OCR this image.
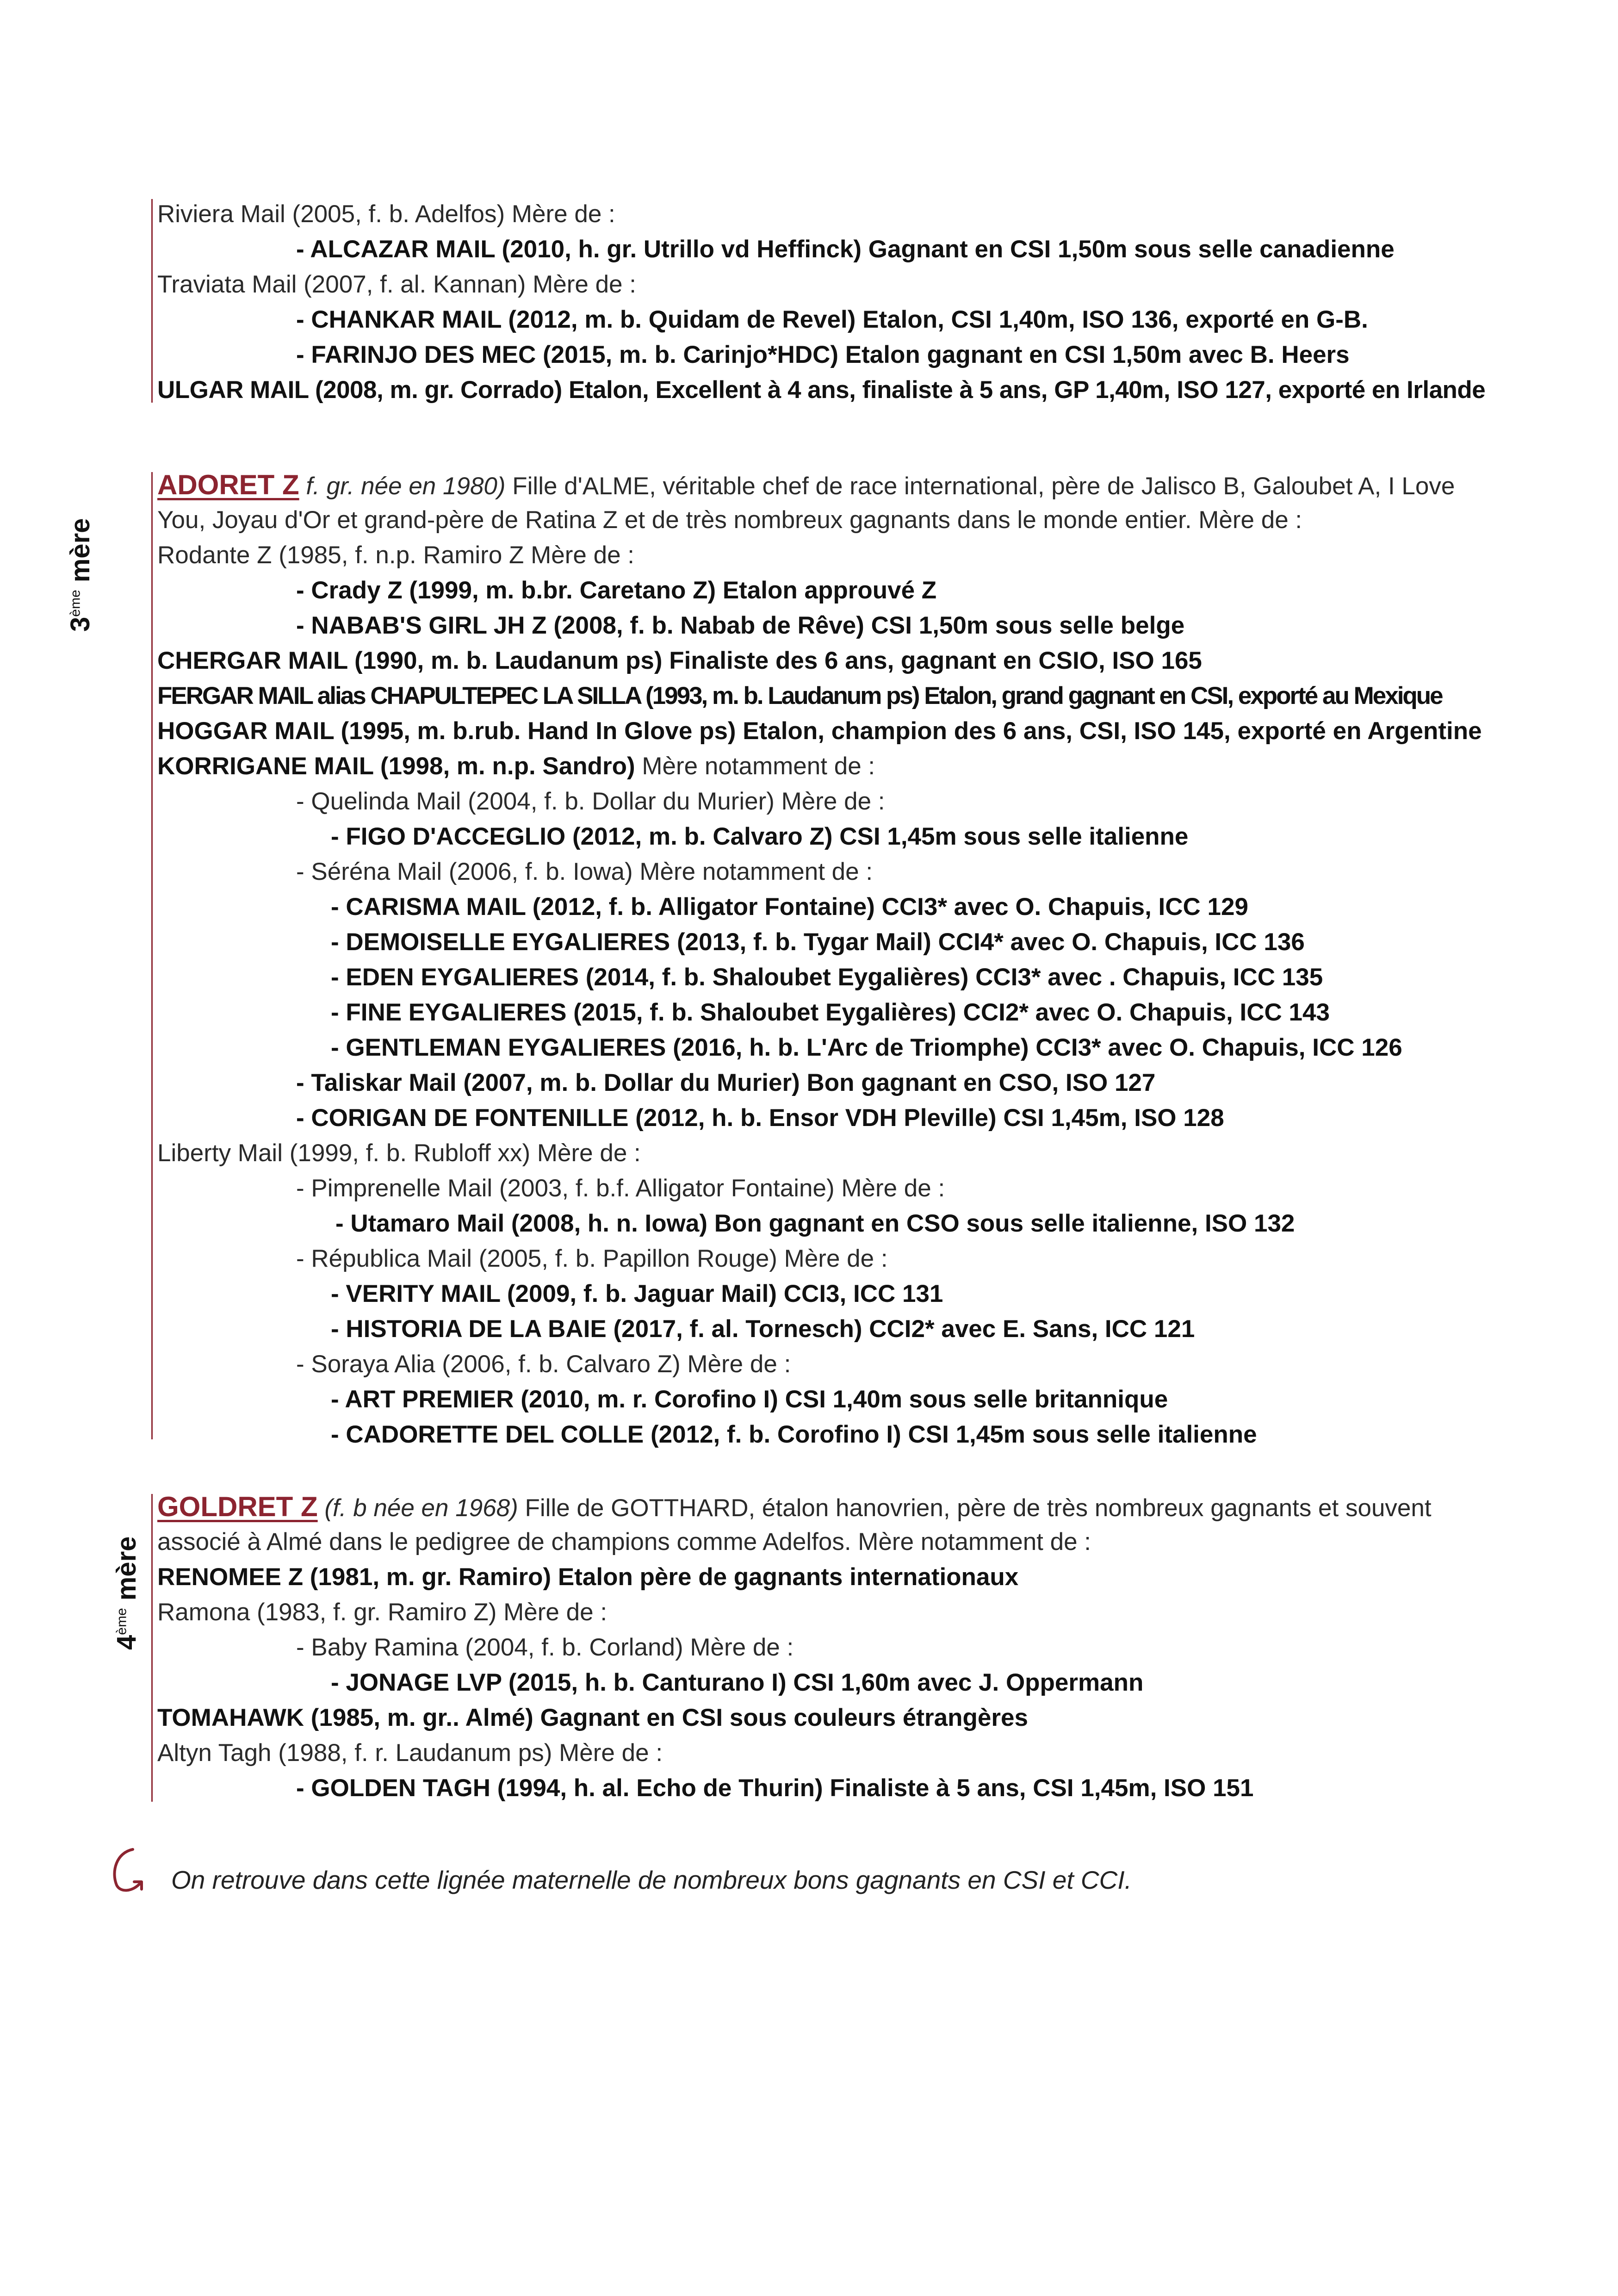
Riviera Mail (2005, f. b. Adelfos) Mère de :
- ALCAZAR MAIL (2010, h. gr. Utrillo vd Heffinck) Gagnant en CSI 1,50m sous selle canadienne
Traviata Mail (2007, f. al. Kannan) Mère de :
- CHANKAR MAIL (2012, m. b. Quidam de Revel) Etalon, CSI 1,40m, ISO 136, exporté en G-B.
- FARINJO DES MEC (2015, m. b. Carinjo*HDC) Etalon gagnant en CSI 1,50m avec B. Heers
ULGAR MAIL (2008, m. gr. Corrado) Etalon, Excellent à 4 ans, finaliste à 5 ans, GP 1,40m, ISO 127, exporté en Irlande
3ème mère
ADORET Z f. gr. née en 1980) Fille d'ALME, véritable chef de race international, père de Jalisco B, Galoubet A, I Love
You, Joyau d'Or et grand-père de Ratina Z et de très nombreux gagnants dans le monde entier. Mère de :
Rodante Z (1985, f. n.p. Ramiro Z Mère de :
- Crady Z (1999, m. b.br. Caretano Z) Etalon approuvé Z
- NABAB'S GIRL JH Z (2008, f. b. Nabab de Rêve) CSI 1,50m sous selle belge
CHERGAR MAIL (1990, m. b. Laudanum ps) Finaliste des 6 ans, gagnant en CSIO, ISO 165
FERGAR MAIL alias CHAPULTEPEC LA SILLA (1993, m. b. Laudanum ps) Etalon, grand gagnant en CSI, exporté au Mexique
HOGGAR MAIL (1995, m. b.rub. Hand In Glove ps) Etalon, champion des 6 ans, CSI, ISO 145, exporté en Argentine
KORRIGANE MAIL (1998, m. n.p. Sandro) Mère notamment de :
- Quelinda Mail (2004, f. b. Dollar du Murier) Mère de :
- FIGO D'ACCEGLIO (2012, m. b. Calvaro Z) CSI 1,45m sous selle italienne
- Séréna Mail (2006, f. b. Iowa) Mère notamment de :
- CARISMA MAIL (2012, f. b. Alligator Fontaine) CCI3* avec O. Chapuis, ICC 129
- DEMOISELLE EYGALIERES (2013, f. b. Tygar Mail) CCI4* avec O. Chapuis, ICC 136
- EDEN EYGALIERES (2014, f. b. Shaloubet Eygalières) CCI3* avec . Chapuis, ICC 135
- FINE EYGALIERES (2015, f. b. Shaloubet Eygalières) CCI2* avec O. Chapuis, ICC 143
- GENTLEMAN EYGALIERES (2016, h. b. L'Arc de Triomphe) CCI3* avec O. Chapuis, ICC 126
- Taliskar Mail (2007, m. b. Dollar du Murier) Bon gagnant en CSO, ISO 127
- CORIGAN DE FONTENILLE (2012, h. b. Ensor VDH Pleville) CSI 1,45m, ISO 128
Liberty Mail (1999, f. b. Rubloff xx) Mère de :
- Pimprenelle Mail (2003, f. b.f. Alligator Fontaine) Mère de :
- Utamaro Mail (2008, h. n. Iowa) Bon gagnant en CSO sous selle italienne, ISO 132
- Républica Mail (2005, f. b. Papillon Rouge) Mère de :
- VERITY MAIL (2009, f. b. Jaguar Mail) CCI3, ICC 131
- HISTORIA DE LA BAIE (2017, f. al. Tornesch) CCI2* avec E. Sans, ICC 121
- Soraya Alia (2006, f. b. Calvaro Z) Mère de :
- ART PREMIER (2010, m. r. Corofino I) CSI 1,40m sous selle britannique
- CADORETTE DEL COLLE (2012, f. b. Corofino I) CSI 1,45m sous selle italienne
4ème mère
GOLDRET Z (f. b née en 1968) Fille de GOTTHARD, étalon hanovrien, père de très nombreux gagnants et souvent
associé à Almé dans le pedigree de champions comme Adelfos. Mère notamment de :
RENOMEE Z (1981, m. gr. Ramiro) Etalon père de gagnants internationaux
Ramona (1983, f. gr. Ramiro Z) Mère de :
- Baby Ramina (2004, f. b. Corland) Mère de :
- JONAGE LVP (2015, h. b. Canturano I) CSI 1,60m avec J. Oppermann
TOMAHAWK (1985, m. gr.. Almé) Gagnant en CSI sous couleurs étrangères
Altyn Tagh (1988, f. r. Laudanum ps) Mère de :
- GOLDEN TAGH (1994, h. al. Echo de Thurin) Finaliste à 5 ans, CSI 1,45m, ISO 151
On retrouve dans cette lignée maternelle de nombreux bons gagnants en CSI et CCI.
